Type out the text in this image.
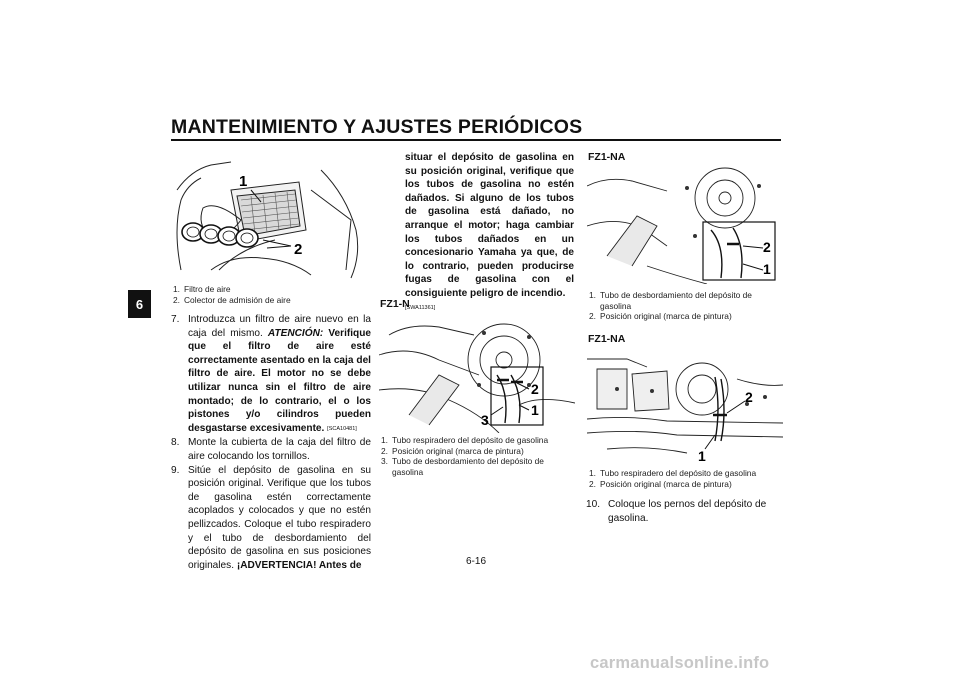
MANTENIMIENTO Y AJUSTES PERIÓDICOS
6
1
2
1. Filtro de aire
2. Colector de admisión de aire
7. Introduzca un filtro de aire nuevo en la caja del mismo. ATENCIÓN: Verifique que el filtro de aire esté correctamente asentado en la caja del filtro de aire. El motor no se debe utilizar nunca sin el filtro de aire montado; de lo contrario, el o los pistones y/o cilindros pueden desgastarse excesivamente. [SCA10481]
8. Monte la cubierta de la caja del filtro de aire colocando los tornillos.
9. Sitúe el depósito de gasolina en su posición original. Verifique que los tubos de gasolina estén correctamente acoplados y colocados y que no estén pellizcados. Coloque el tubo respiradero y el tubo de desbordamiento del depósito de gasolina en sus posiciones originales. ¡ADVERTENCIA! Antes de
situar el depósito de gasolina en su posición original, verifique que los tubos de gasolina no estén dañados. Si alguno de los tubos de gasolina está dañado, no arranque el motor; haga cambiar los tubos dañados en un concesionario Yamaha ya que, de lo contrario, pueden producirse fugas de gasolina con el consiguiente peligro de incendio.
[SWA11361]
FZ1-N
2
1
3
1. Tubo respiradero del depósito de gasolina
2. Posición original (marca de pintura)
3. Tubo de desbordamiento del depósito de gasolina
FZ1-NA
2
1
1. Tubo de desbordamiento del depósito de gasolina
2. Posición original (marca de pintura)
FZ1-NA
2
1
1. Tubo respiradero del depósito de gasolina
2. Posición original (marca de pintura)
10. Coloque los pernos del depósito de gasolina.
6-16
carmanualsonline.info
